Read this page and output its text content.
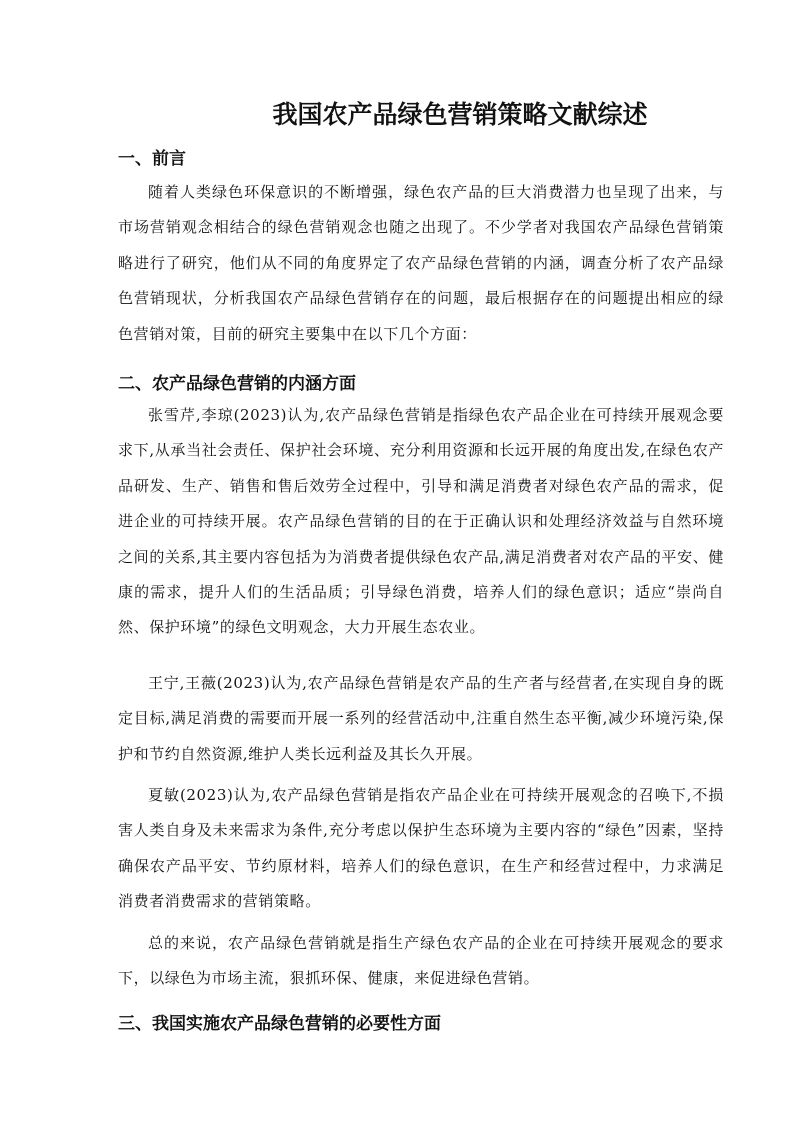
我国农产品绿色营销策略文献综述
一、前言

随着人类绿色环保意识的不断增强，绿色农产品的巨大消费潜力也呈现了出来，与市场营销观念相结合的绿色营销观念也随之出现了。不少学者对我国农产品绿色营销策略进行了研究，他们从不同的角度界定了农产品绿色营销的内涵，调查分析了农产品绿色营销现状，分析我国农产品绿色营销存在的问题，最后根据存在的问题提出相应的绿色营销对策，目前的研究主要集中在以下几个方面：

二、农产品绿色营销的内涵方面

张雪芹,李琼(2023)认为,农产品绿色营销是指绿色农产品企业在可持续开展观念要求下,从承当社会责任、保护社会环境、充分利用资源和长远开展的角度出发,在绿色农产品研发、生产、销售和售后效劳全过程中，引导和满足消费者对绿色农产品的需求，促进企业的可持续开展。农产品绿色营销的目的在于正确认识和处理经济效益与自然环境之间的关系,其主要内容包括为为消费者提供绿色农产品,满足消费者对农产品的平安、健康的需求，提升人们的生活品质；引导绿色消费，培养人们的绿色意识；适应“崇尚自然、保护环境”的绿色文明观念，大力开展生态农业。

王宁,王薇(2023)认为,农产品绿色营销是农产品的生产者与经营者,在实现自身的既定目标,满足消费的需要而开展一系列的经营活动中,注重自然生态平衡,减少环境污染,保护和节约自然资源,维护人类长远利益及其长久开展。

夏敏(2023)认为,农产品绿色营销是指农产品企业在可持续开展观念的召唤下,不损害人类自身及未来需求为条件,充分考虑以保护生态环境为主要内容的“绿色”因素，坚持确保农产品平安、节约原材料，培养人们的绿色意识，在生产和经营过程中，力求满足消费者消费需求的营销策略。

总的来说，农产品绿色营销就是指生产绿色农产品的企业在可持续开展观念的要求下，以绿色为市场主流，狠抓环保、健康，来促进绿色营销。

三、我国实施农产品绿色营销的必要性方面
